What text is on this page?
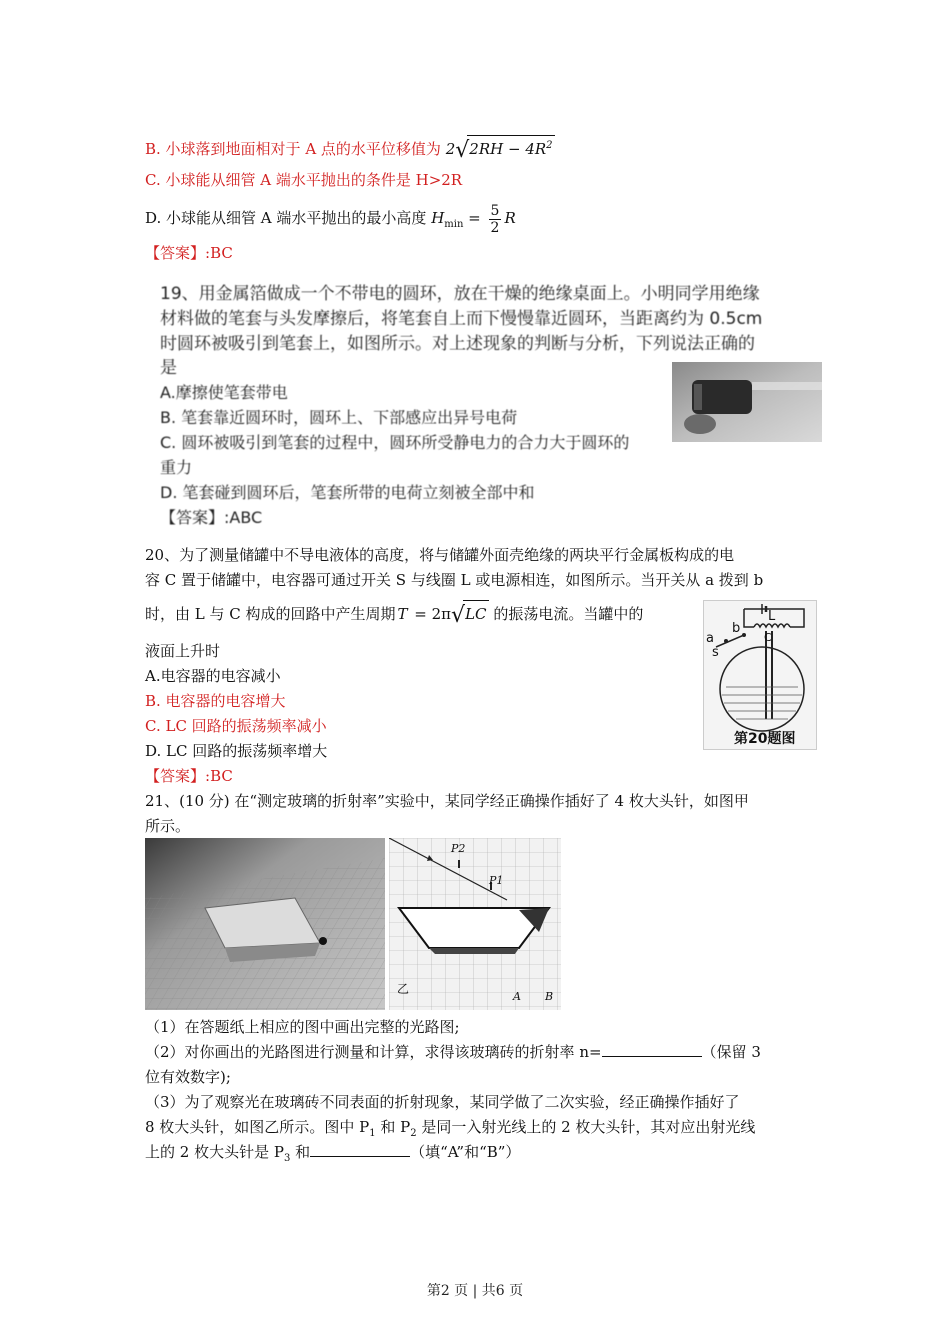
B. 小球落到地面相对于 A 点的水平位移值为 $2√2RH - 4R^2$
C. 小球能从细管 A 端水平抛出的条件是 H>2R
D. 小球能从细管 A 端水平抛出的最小高度 $H_{min} = \frac{5}{2}$ R
【答案】:BC
19、用金属箔做成一个不带电的圆环，放在干燥的绝缘桌面上。小明同学用绝缘
材料做的笔套与头发摩擦后，将笔套自上而下慢慢靠近圆环，当距离约为 0.5cm
时圆环被吸引到笔套上，如图所示。对上述现象的判断与分析，下列说法正确的
是
A.摩擦使笔套带电
B. 笔套靠近圆环时，圆环上、下部感应出异号电荷
C. 圆环被吸引到笔套的过程中，圆环所受静电力的合力大于圆环的
重力
D. 笔套碰到圆环后，笔套所带的电荷立刻被全部中和
【答案】:ABC
20、为了测量储罐中不导电液体的高度，将与储罐外面壳绝缘的两块平行金属板构成的电
容 C 置于储罐中，电容器可通过开关 S 与线圈 L 或电源相连，如图所示。当开关从 a 拨到 b
时，由 L 与 C 构成的回路中产生周期 T = 2π√LC 的振荡电流。当罐中的
液面上升时
A.电容器的电容减小
B. 电容器的电容增大
C. LC 回路的振荡频率减小
D. LC 回路的振荡频率增大
【答案】:BC
L
a
b
s
C
第20题图
21、(10 分) 在“测定玻璃的折射率”实验中，某同学经正确操作插好了 4 枚大头针，如图甲
所示。
P2
P1
乙
A B
（1）在答题纸上相应的图中画出完整的光路图;
（2）对你画出的光路图进行测量和计算，求得该玻璃砖的折射率 n=	（保留 3
位有效数字);
（3）为了观察光在玻璃砖不同表面的折射现象，某同学做了二次实验，经正确操作插好了
8 枚大头针，如图乙所示。图中 $P_1$ 和 $P_2$ 是同一入射光线上的 2 枚大头针，其对应出射光线
上的 2 枚大头针是 $P_3$ 和	（填“A”和“B”）
第2 页 | 共6 页
